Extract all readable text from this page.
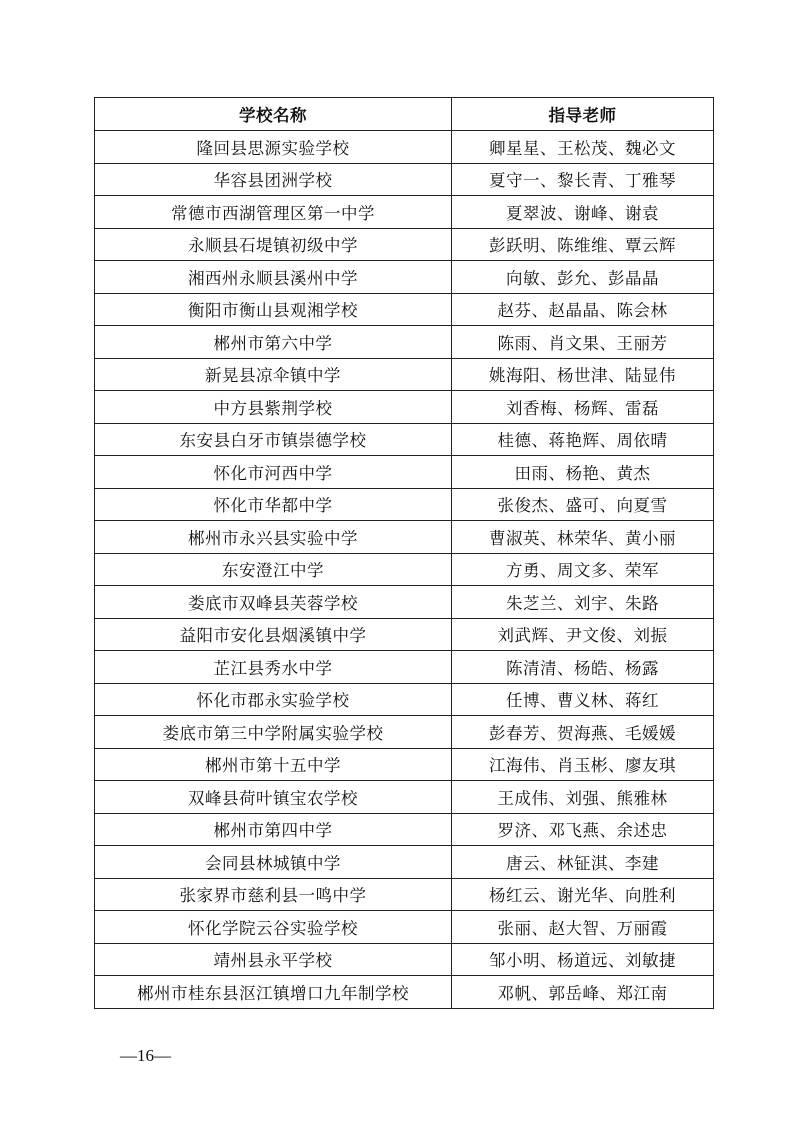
学校名称	指导老师
隆回县思源实验学校	卿星星、王松茂、魏必文
华容县团洲学校	夏守一、黎长青、丁雅琴
常德市西湖管理区第一中学	夏翠波、谢峰、谢袁
永顺县石堤镇初级中学	彭跃明、陈维维、覃云辉
湘西州永顺县溪州中学	向敏、彭允、彭晶晶
衡阳市衡山县观湘学校	赵芬、赵晶晶、陈会林
郴州市第六中学	陈雨、肖文果、王丽芳
新晃县凉伞镇中学	姚海阳、杨世津、陆显伟
中方县紫荆学校	刘香梅、杨辉、雷磊
东安县白牙市镇崇德学校	桂德、蒋艳辉、周依晴
怀化市河西中学	田雨、杨艳、黄杰
怀化市华都中学	张俊杰、盛可、向夏雪
郴州市永兴县实验中学	曹淑英、林荣华、黄小丽
东安澄江中学	方勇、周文多、荣军
娄底市双峰县芙蓉学校	朱芝兰、刘宇、朱路
益阳市安化县烟溪镇中学	刘武辉、尹文俊、刘振
芷江县秀水中学	陈清清、杨皓、杨露
怀化市郡永实验学校	任博、曹义林、蒋红
娄底市第三中学附属实验学校	彭春芳、贺海燕、毛媛媛
郴州市第十五中学	江海伟、肖玉彬、廖友琪
双峰县荷叶镇宝农学校	王成伟、刘强、熊雅林
郴州市第四中学	罗济、邓飞燕、余述忠
会同县林城镇中学	唐云、林钲淇、李建
张家界市慈利县一鸣中学	杨红云、谢光华、向胜利
怀化学院云谷实验学校	张丽、赵大智、万丽霞
靖州县永平学校	邹小明、杨道远、刘敏捷
郴州市桂东县沤江镇增口九年制学校	邓帆、郭岳峰、郑江南
—16—
